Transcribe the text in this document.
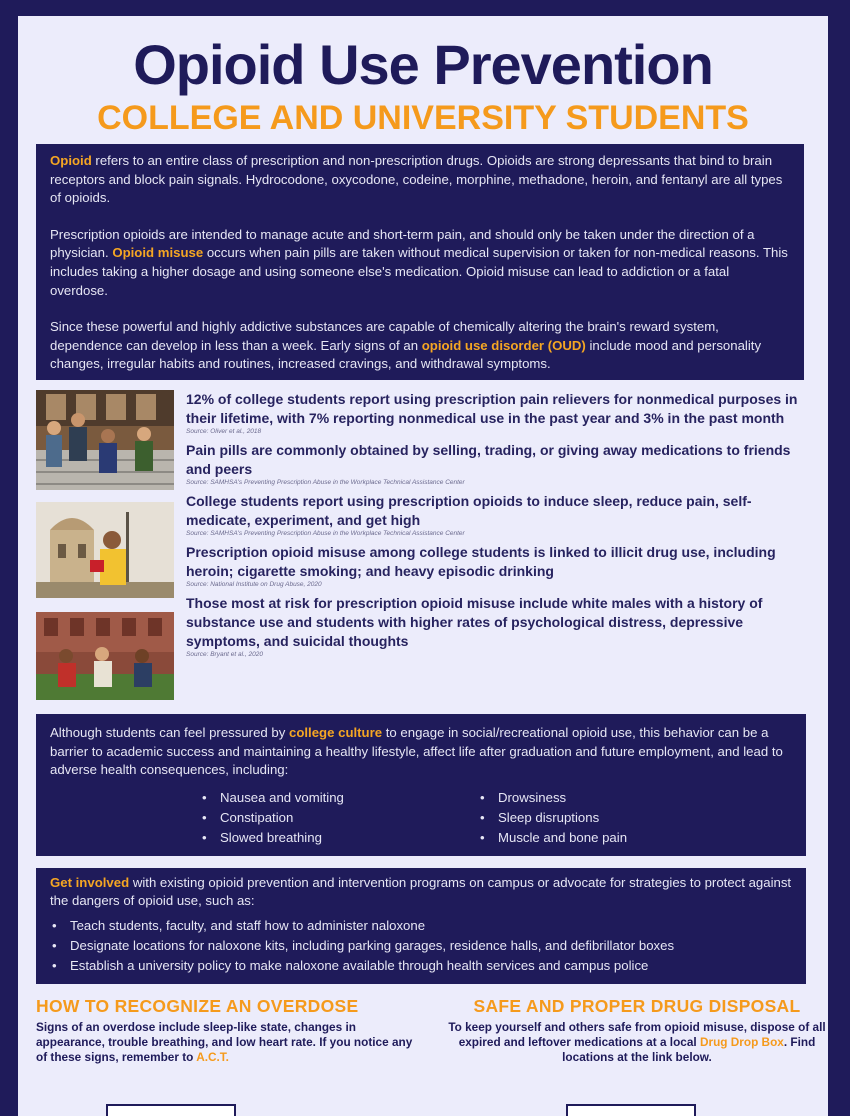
Opioid Use Prevention
COLLEGE AND UNIVERSITY STUDENTS

Opioid refers to an entire class of prescription and non-prescription drugs. Opioids are strong depressants that bind to brain receptors and block pain signals. Hydrocodone, oxycodone, codeine, morphine, methadone, heroin, and fentanyl are all types of opioids.

Prescription opioids are intended to manage acute and short-term pain, and should only be taken under the direction of a physician. Opioid misuse occurs when pain pills are taken without medical supervision or taken for non-medical reasons. This includes taking a higher dosage and using someone else's medication. Opioid misuse can lead to addiction or a fatal overdose.

Since these powerful and highly addictive substances are capable of chemically altering the brain's reward system, dependence can develop in less than a week. Early signs of an opioid use disorder (OUD) include mood and personality changes, irregular habits and routines, increased cravings, and withdrawal symptoms.

12% of college students report using prescription pain relievers for nonmedical purposes in their lifetime, with 7% reporting nonmedical use in the past year and 3% in the past month
Source: Oliver et al., 2018
Pain pills are commonly obtained by selling, trading, or giving away medications to friends and peers
Source: SAMHSA's Preventing Prescription Abuse in the Workplace Technical Assistance Center
College students report using prescription opioids to induce sleep, reduce pain, self-medicate, experiment, and get high
Source: SAMHSA's Preventing Prescription Abuse in the Workplace Technical Assistance Center
Prescription opioid misuse among college students is linked to illicit drug use, including heroin; cigarette smoking; and heavy episodic drinking
Source: National Institute on Drug Abuse, 2020
Those most at risk for prescription opioid misuse include white males with a history of substance use and students with higher rates of psychological distress, depressive symptoms, and suicidal thoughts
Source: Bryant et al., 2020

Although students can feel pressured by college culture to engage in social/recreational opioid use, this behavior can be a barrier to academic success and maintaining a healthy lifestyle, affect life after graduation and future employment, and lead to adverse health consequences, including:

• Nausea and vomiting
• Constipation
• Slowed breathing
• Drowsiness
• Sleep disruptions
• Muscle and bone pain

Get involved with existing opioid prevention and intervention programs on campus or advocate for strategies to protect against the dangers of opioid use, such as:

• Teach students, faculty, and staff how to administer naloxone
• Designate locations for naloxone kits, including parking garages, residence halls, and defibrillator boxes
• Establish a university policy to make naloxone available through health services and campus police
HOW TO RECOGNIZE AN OVERDOSE
Signs of an overdose include sleep-like state, changes in appearance, trouble breathing, and low heart rate. If you notice any of these signs, remember to A.C.T.
SAFE AND PROPER DRUG DISPOSAL
To keep yourself and others safe from opioid misuse, dispose of all expired and leftover medications at a local Drug Drop Box. Find locations at the link below.
